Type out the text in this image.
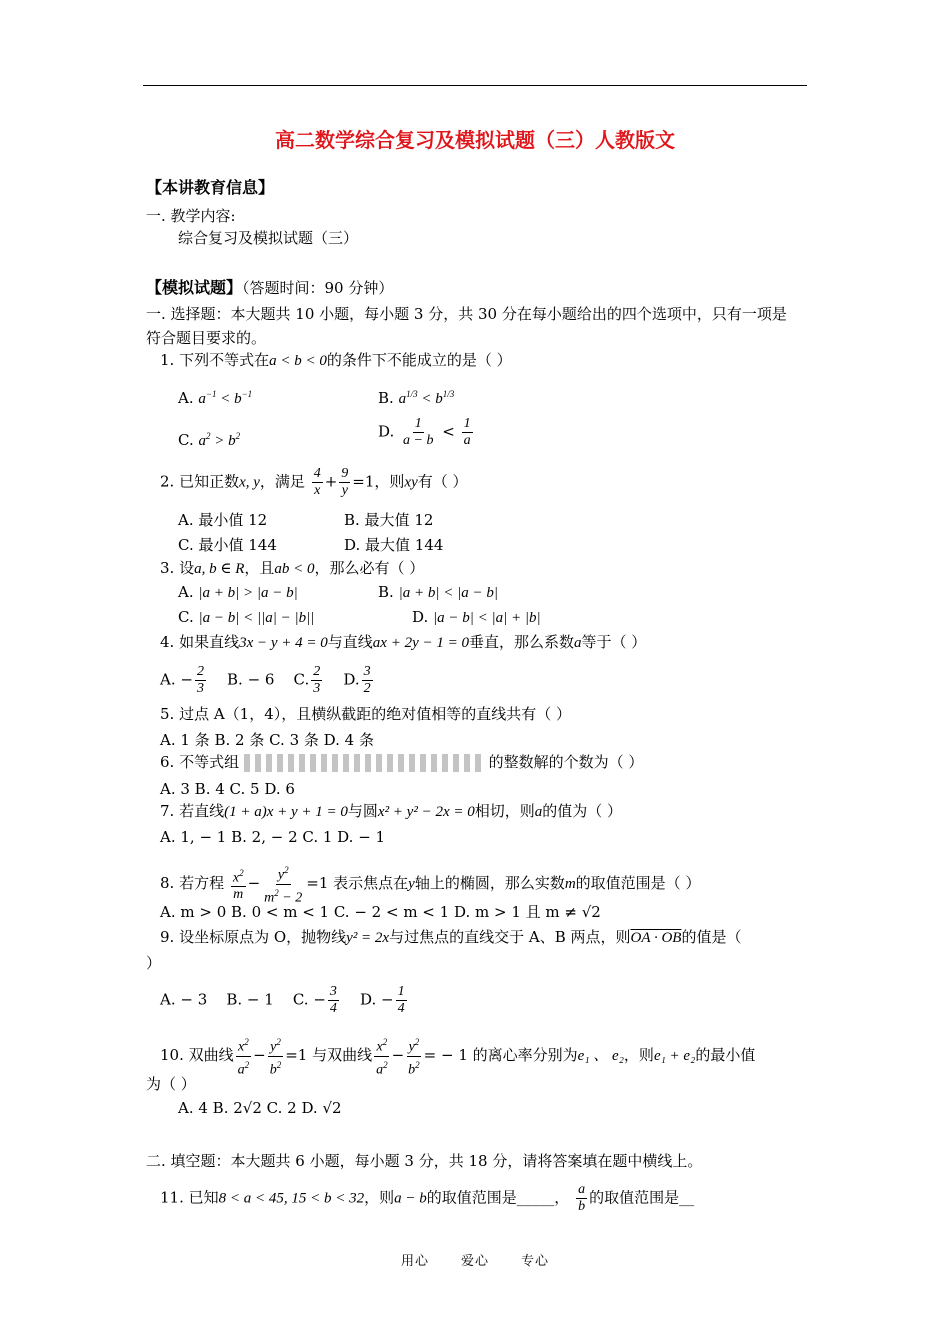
高二数学综合复习及模拟试题（三）人教版文
【本讲教育信息】
一. 教学内容:
综合复习及模拟试题（三）
【模拟试题】（答题时间：90 分钟）
一. 选择题：本大题共 10 小题，每小题 3 分，共 30 分在每小题给出的四个选项中，只有一项是
符合题目要求的。
1. 下列不等式在a < b < 0的条件下不能成立的是（ ）
A. $a^{-1} < b^{-1}$	B. $a^{1/3} < b^{1/3}$
C. $a^2 > b^2$	D. $\frac{1}{a - b} < \frac{1}{a}$
2. 已知正数x, y，满足 $\frac{4}{x} + \frac{9}{y} =1$，则xy有（ ）
A. 最小值 12	B. 最大值 12
C. 最小值 144	D. 最大值 144
3. 设a, b ∈ R，且ab < 0，那么必有（ ）
A. |a + b| > |a − b|	B. |a + b| < |a − b|
C. |a − b| < ||a| − |b||	D. |a − b| < |a| + |b|
4. 如果直线3x − y + 4 = 0与直线ax + 2y − 1 = 0垂直，那么系数a等于（ ）
A. − $\frac{2}{3} B$. − 6 C. $\frac{2}{3} D$. $\frac{3}{2}$
5. 过点 A（1，4），且横纵截距的绝对值相等的直线共有（ ）
A. 1 条 B. 2 条 C. 3 条 D. 4 条
6. 不等式组	的整数解的个数为（ ）
A. 3 B. 4 C. 5 D. 6
7. 若直线(1 + a)x + y + 1 = 0与圆x² + y² − 2x = 0相切，则a的值为（ ）
A. 1, − 1 B. 2, − 2 C. 1 D. − 1
8. 若方程 $\frac{x^2}{m} - \frac{y^2}{m^2 - 2} =1$ 表示焦点在y轴上的椭圆，那么实数m的取值范围是（ ）
A. m > 0 B. 0 < m < 1 C. − 2 < m < 1 D. m > 1 且 m ≠ √2
9. 设坐标原点为 O，抛物线y² = 2x与过焦点的直线交于 A、B 两点，则OA · OB的值是（
）
A. − 3 B. − 1 C. − $\frac{3}{4} D$. − $\frac{1}{4}$
10. 双曲线 $\frac{x^2}{a^2} - \frac{y^2}{b^2} =1$ 与双曲线 $\frac{x^2}{a^2} - \frac{y^2}{b^2}$ = − 1 的离心率分别为e₁ 、 e₂，则e₁ + e₂的最小值
为（ ）
A. 4 B. 2√2 C. 2 D. √2
二. 填空题：本大题共 6 小题，每小题 3 分，共 18 分，请将答案填在题中横线上。
11. 已知8 < a < 45, 15 < b < 32，则a − b的取值范围是_____， $\frac{a}{b}$ 的取值范围是__
用心 爱心 专心
